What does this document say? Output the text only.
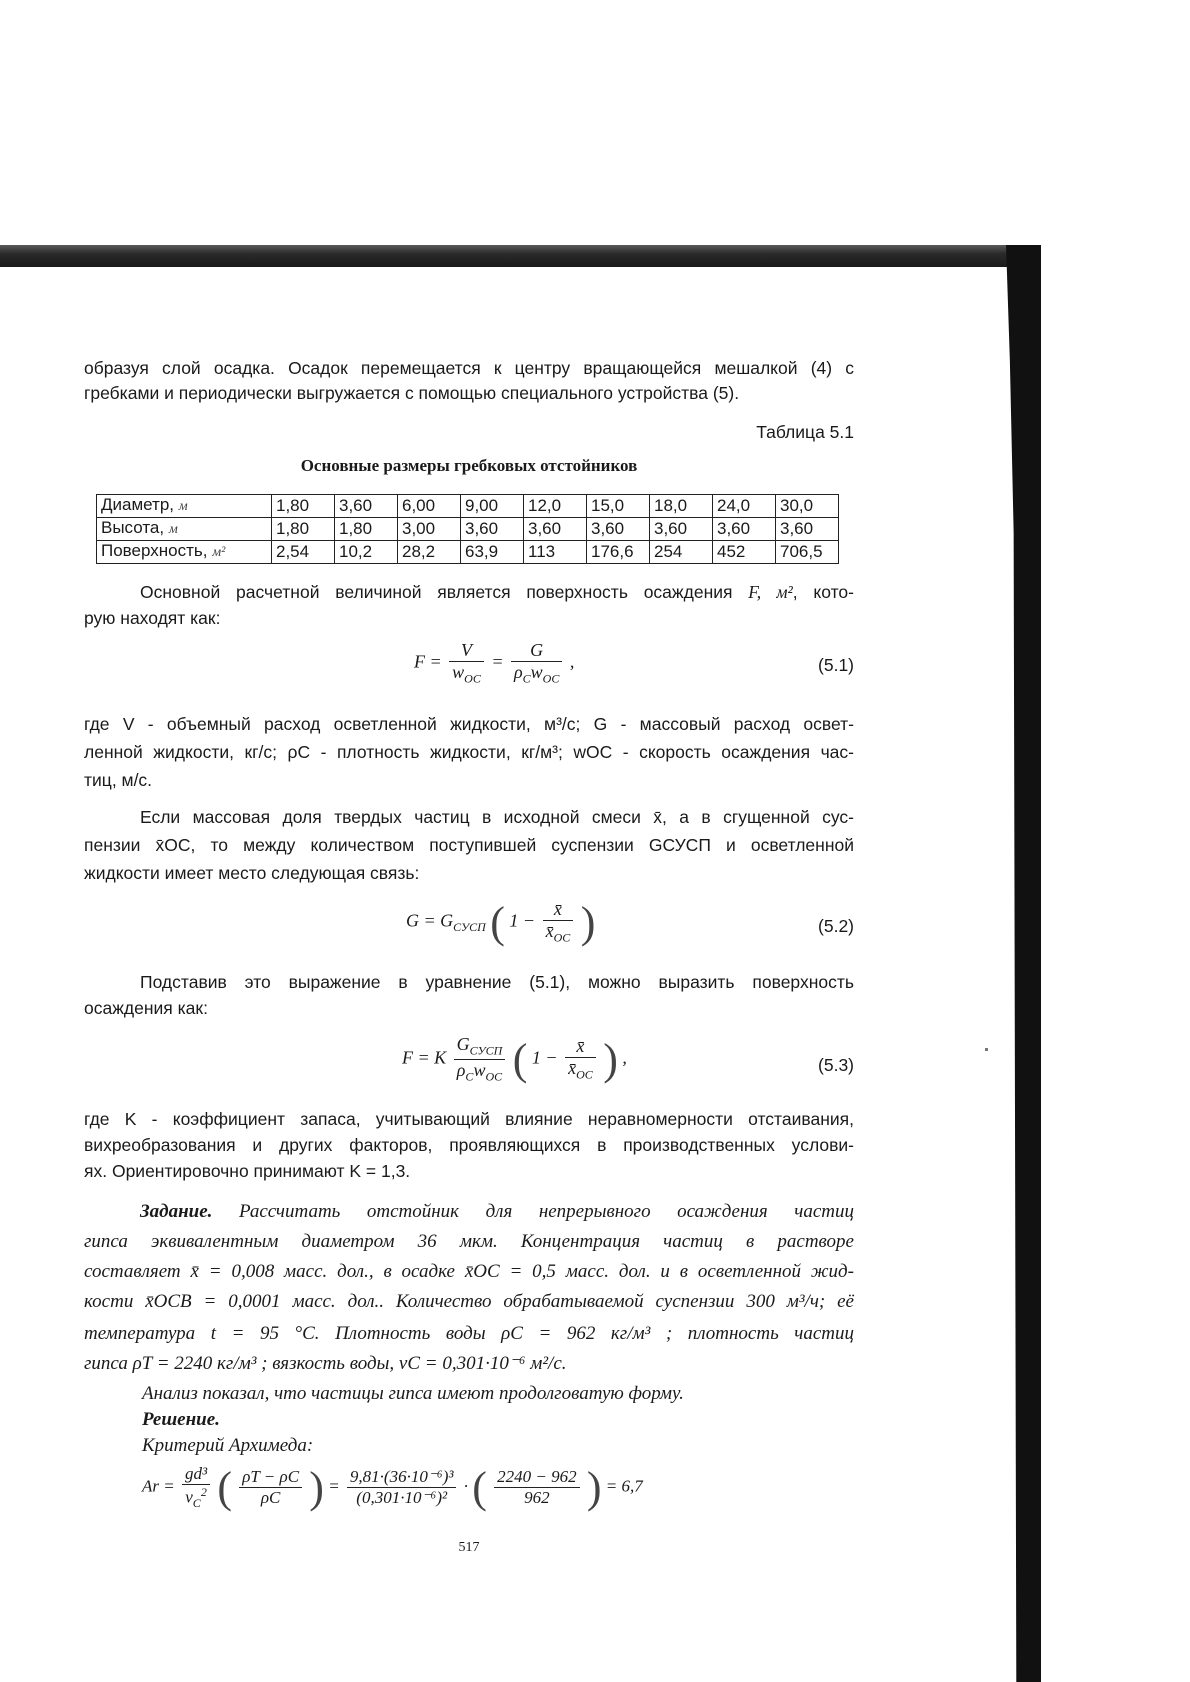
образуя слой осадка. Осадок перемещается к центру вращающейся мешалкой (4) с

гребками и периодически выгружается с помощью специального устройства (5).

Таблица 5.1

Основные размеры гребковых отстойников

Диаметр, м	1,80	3,60	6,00	9,00	12,0	15,0	18,0	24,0	30,0
Высота, м	1,80	1,80	3,00	3,60	3,60	3,60	3,60	3,60	3,60
Поверхность, м²	2,54	10,2	28,2	63,9	113	176,6	254	452	706,5

Основной расчетной величиной является поверхность осаждения F, м², кото-

рую находят как:

$F = \frac{V}{w_{OC}} = \frac{G}{\rho_Cw_{OC}}$ ,	(5.1)

где V - объемный расход осветленной жидкости, м³/с; G - массовый расход освет-

ленной жидкости, кг/с; ρC - плотность жидкости, кг/м³; wOC - скорость осаждения час-

тиц, м/с.

Если массовая доля твердых частиц в исходной смеси x̄, а в сгущенной сус-

пензии x̄OC, то между количеством поступившей суспензии GСУСП и осветленной

жидкости имеет место следующая связь:

$G = G_{СУСП}$ ( $1 - \frac{x̄}{x̄_{OC}}$ )	(5.2)

Подставив это выражение в уравнение (5.1), можно выразить поверхность

осаждения как:

F = K $\frac{G_{СУСП}}{\rho_Cw_{OC}}$ ( $1 - \frac{x̄}{x̄_{OC}}$ ) ,	(5.3)

где K - коэффициент запаса, учитывающий влияние неравномерности отстаивания,

вихреобразования и других факторов, проявляющихся в производственных услови-

ях. Ориентировочно принимают K = 1,3.

Задание. Рассчитать отстойник для непрерывного осаждения частиц

гипса эквивалентным диаметром 36 мкм. Концентрация частиц в растворе

составляет x̄ = 0,008 масс. дол., в осадке x̄OC = 0,5 масс. дол. и в осветленной жид-

кости x̄OCB = 0,0001 масс. дол.. Количество обрабатываемой суспензии 300 м³/ч; её

температура t = 95 °C. Плотность воды ρC = 962 кг/м³ ; плотность частиц

гипса ρT = 2240 кг/м³ ; вязкость воды, νC = 0,301·10⁻⁶ м²/с.

Анализ показал, что частицы гипса имеют продолговатую форму.

Решение.

Критерий Архимеда:

$Ar = \frac{\text{gd³}}{\nu_C^2}$ ( $\frac{\rho T - \rho C}{\rho C}$ ) = $\frac{\text{9,81·(36·10⁻⁶)³}}{\text{(0,301·10⁻⁶)²}}$ · ( $\frac{2240 - 962}{962}$ ) = 6,7

517
